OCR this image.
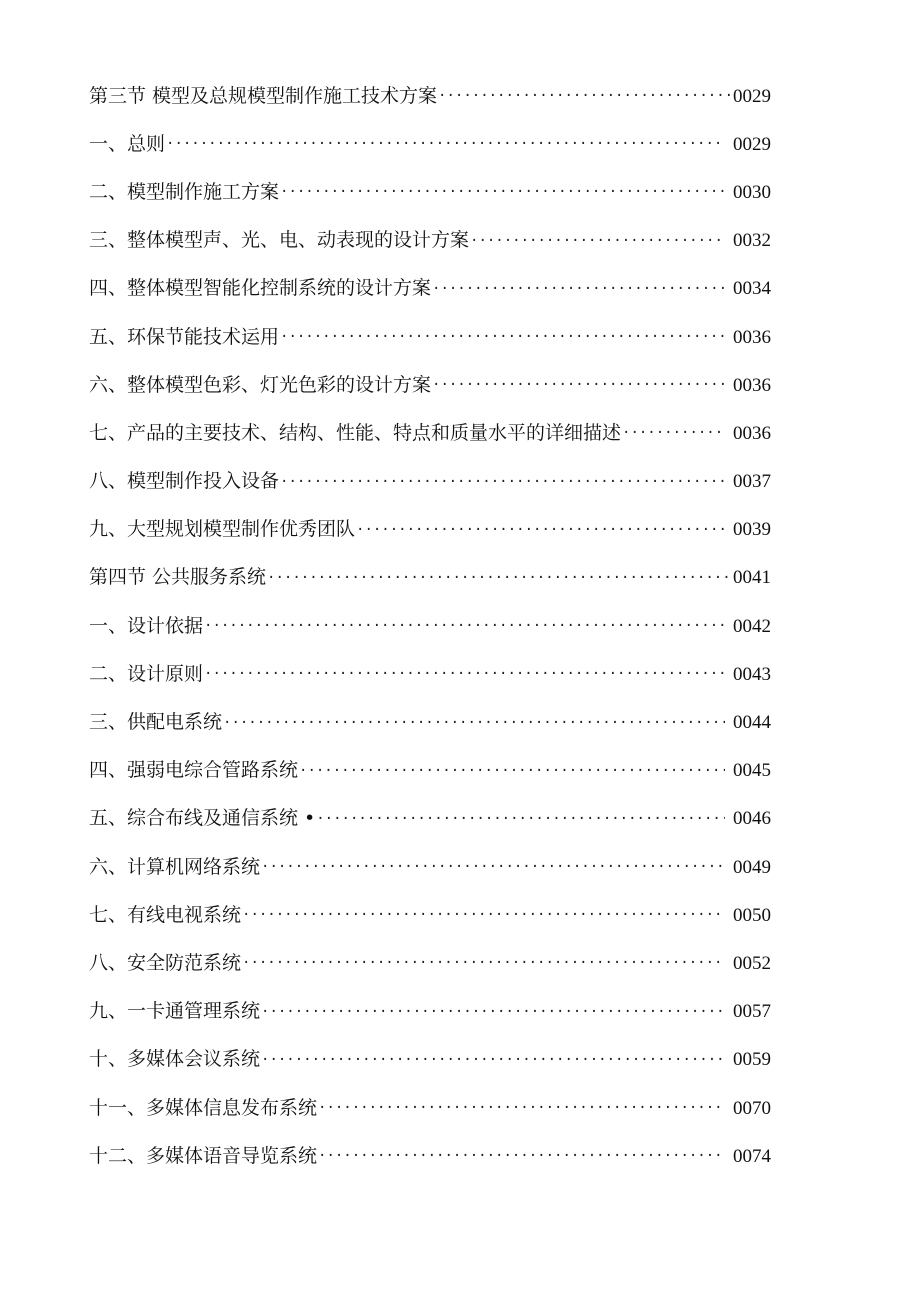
第三节 模型及总规模型制作施工技术方案 ·····	0029
一、总则 ·····	0029
二、模型制作施工方案 ·····	0030
三、整体模型声、光、电、动表现的设计方案 ·····	0032
四、整体模型智能化控制系统的设计方案 ·····	0034
五、环保节能技术运用 ·····	0036
六、整体模型色彩、灯光色彩的设计方案 ·····	0036
七、产品的主要技术、结构、性能、特点和质量水平的详细描述 ·····	0036
八、模型制作投入设备 ·····	0037
九、大型规划模型制作优秀团队 ·····	0039
第四节 公共服务系统 ·····	0041
一、设计依据 ·····	0042
二、设计原则 ·····	0043
三、供配电系统 ·····	0044
四、强弱电综合管路系统 ·····	0045
五、综合布线及通信系统 • ·····	0046
六、计算机网络系统 ·····	0049
七、有线电视系统 ·····	0050
八、安全防范系统 ·····	0052
九、一卡通管理系统 ·····	0057
十、多媒体会议系统 ·····	0059
十一、多媒体信息发布系统 ·····	0070
十二、多媒体语音导览系统 ·····	0074
